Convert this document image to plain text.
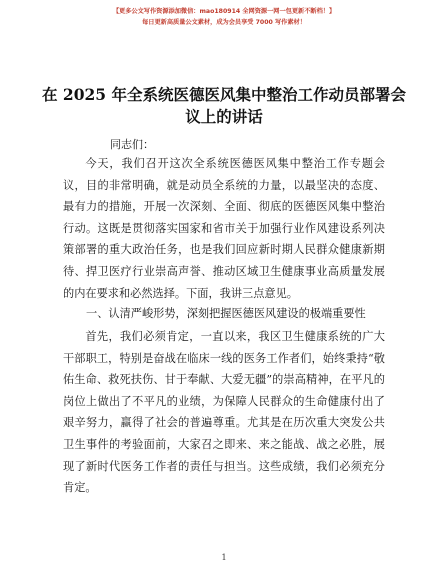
【更多公文写作资源添加微信：mao180914 全网资源一网一包更新不断档！】
每日更新高质量公文素材，成为会员享受 7000 写作素材！
在 2025 年全系统医德医风集中整治工作动员部署会议上的讲话
同志们：
今天，我们召开这次全系统医德医风集中整治工作专题会议，目的非常明确，就是动员全系统的力量，以最坚决的态度、最有力的措施，开展一次深刻、全面、彻底的医德医风集中整治行动。这既是贯彻落实国家和省市关于加强行业作风建设系列决策部署的重大政治任务，也是我们回应新时期人民群众健康新期待、捍卫医疗行业崇高声誉、推动区域卫生健康事业高质量发展的内在要求和必然选择。下面，我讲三点意见。
一、认清严峻形势，深刻把握医德医风建设的极端重要性
首先，我们必须肯定，一直以来，我区卫生健康系统的广大干部职工，特别是奋战在临床一线的医务工作者们，始终秉持“敬佑生命、救死扶伤、甘于奉献、大爱无疆”的崇高精神，在平凡的岗位上做出了不平凡的业绩，为保障人民群众的生命健康付出了艰辛努力，赢得了社会的普遍尊重。尤其是在历次重大突发公共卫生事件的考验面前，大家召之即来、来之能战、战之必胜，展现了新时代医务工作者的责任与担当。这些成绩，我们必须充分肯定。
1
